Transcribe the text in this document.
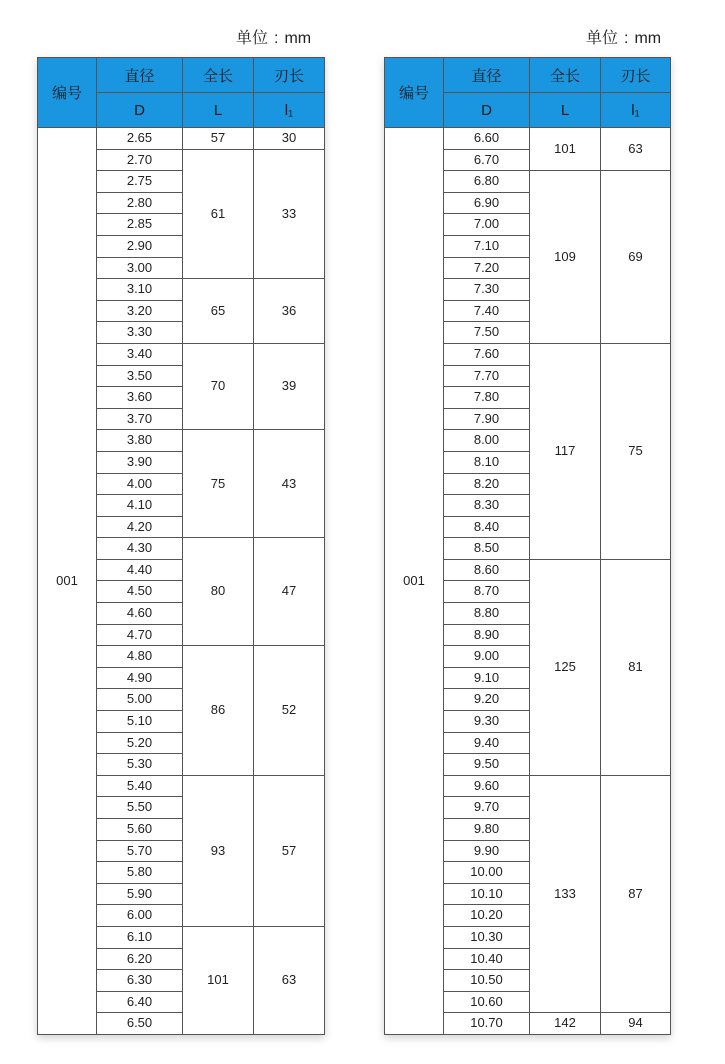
单位 : mm	单位 : mm
编号	直径	全长	刃长
	D	L	l₁
001	2.65	57	30
	2.70	61	33
	2.75		
	2.80		
	2.85		
	2.90		
	3.00		
	3.10	65	36
	3.20		
	3.30		
	3.40	70	39
	3.50		
	3.60		
	3.70		
	3.80	75	43
	3.90		
	4.00		
	4.10		
	4.20		
	4.30	80	47
	4.40		
	4.50		
	4.60		
	4.70		
	4.80	86	52
	4.90		
	5.00		
	5.10		
	5.20		
	5.30		
	5.40	93	57
	5.50		
	5.60		
	5.70		
	5.80		
	5.90		
	6.00		
	6.10	101	63
	6.20		
	6.30		
	6.40		
	6.50		
编号	直径	全长	刃长
	D	L	l₁
001	6.60	101	63
	6.70		
	6.80	109	69
	6.90		
	7.00		
	7.10		
	7.20		
	7.30		
	7.40		
	7.50		
	7.60	117	75
	7.70		
	7.80		
	7.90		
	8.00		
	8.10		
	8.20		
	8.30		
	8.40		
	8.50		
	8.60	125	81
	8.70		
	8.80		
	8.90		
	9.00		
	9.10		
	9.20		
	9.30		
	9.40		
	9.50		
	9.60	133	87
	9.70		
	9.80		
	9.90		
	10.00		
	10.10		
	10.20		
	10.30		
	10.40		
	10.50		
	10.60		
	10.70	142	94
